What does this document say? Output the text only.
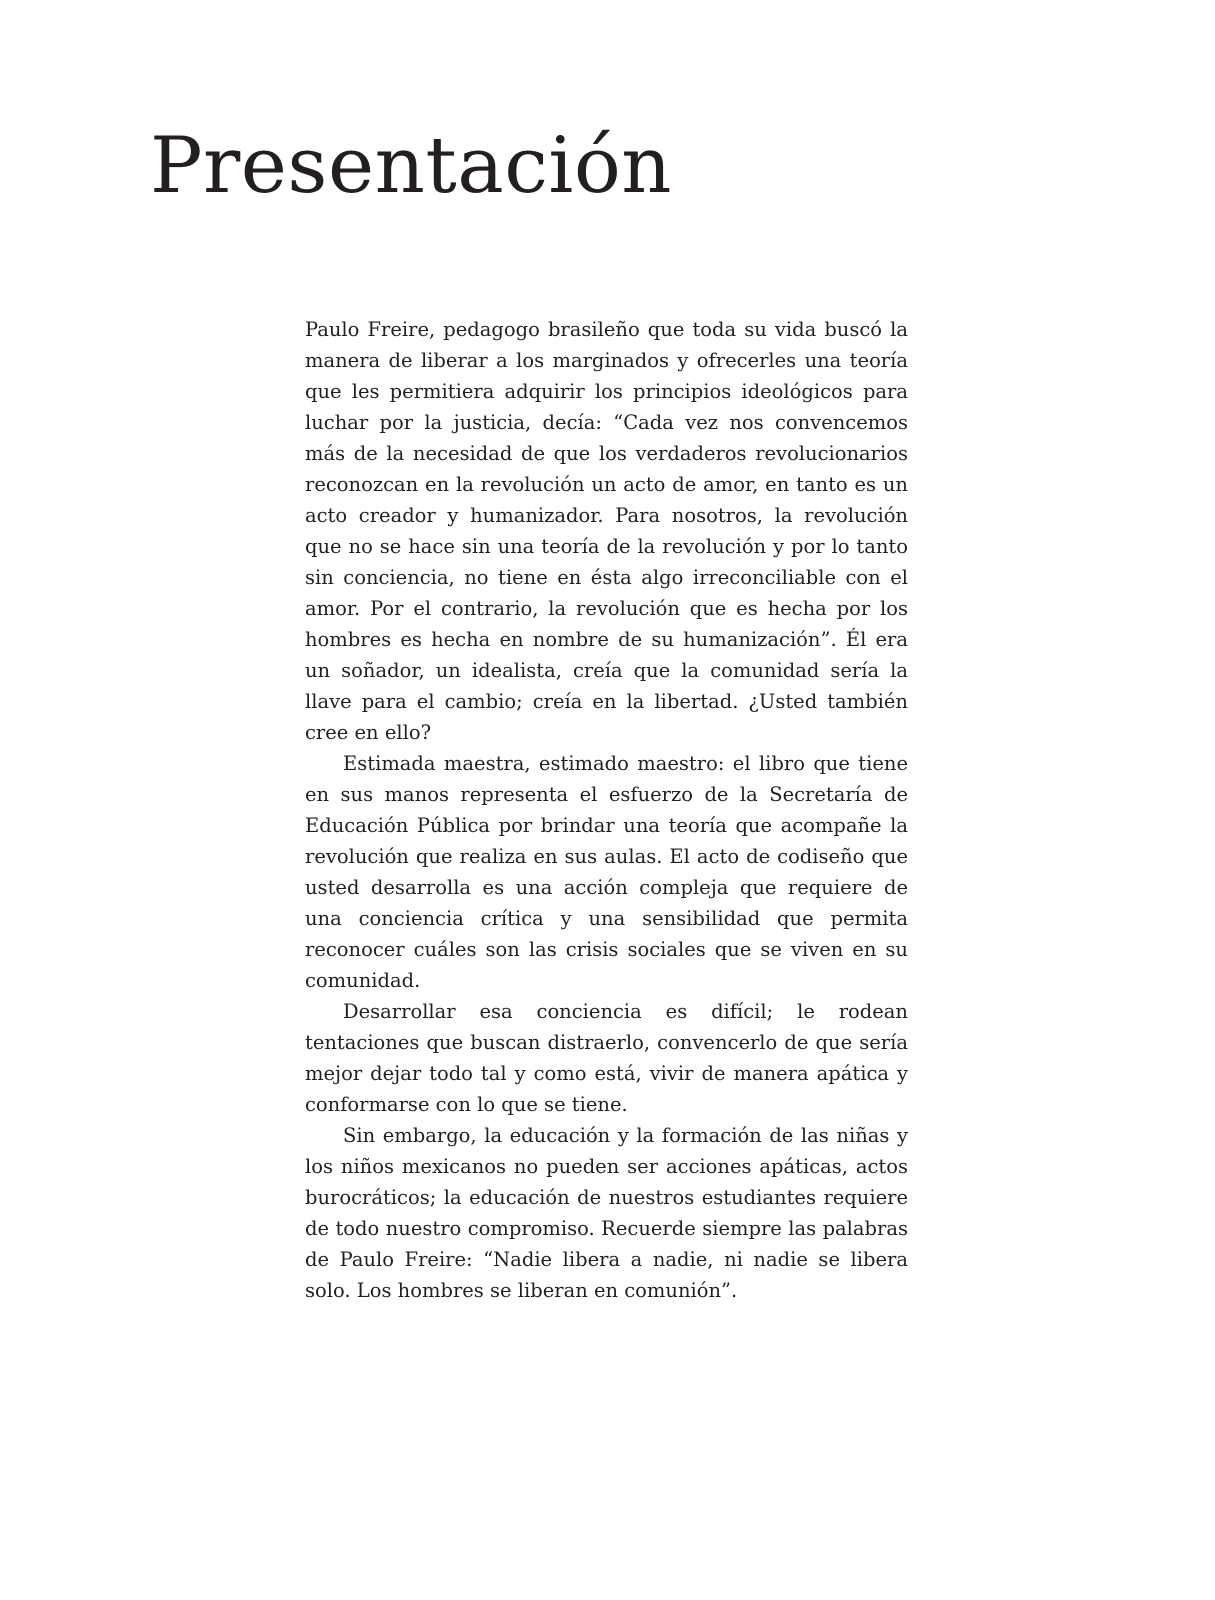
Presentación

Paulo Freire, pedagogo brasileño que toda su vida buscó la manera de liberar a los marginados y ofrecerles una teoría que les permitiera adquirir los principios ideológicos para luchar por la justicia, decía: “Cada vez nos convencemos más de la necesidad de que los verdaderos revolucionarios reconozcan en la revolución un acto de amor, en tanto es un acto creador y humanizador. Para nosotros, la revolución que no se hace sin una teoría de la revolución y por lo tanto sin conciencia, no tiene en ésta algo irreconciliable con el amor. Por el contrario, la revolución que es hecha por los hombres es hecha en nombre de su humanización”. Él era un soñador, un idealista, creía que la comunidad sería la llave para el cambio; creía en la libertad. ¿Usted también cree en ello?

Estimada maestra, estimado maestro: el libro que tiene en sus manos representa el esfuerzo de la Secretaría de Educación Pública por brindar una teoría que acompañe la revolución que realiza en sus aulas. El acto de codiseño que usted desarrolla es una acción compleja que requiere de una conciencia crítica y una sensibilidad que permita reconocer cuáles son las crisis sociales que se viven en su comunidad.

Desarrollar esa conciencia es difícil; le rodean tentaciones que buscan distraerlo, convencerlo de que sería mejor dejar todo tal y como está, vivir de manera apática y conformarse con lo que se tiene.

Sin embargo, la educación y la formación de las niñas y los niños mexicanos no pueden ser acciones apáticas, actos burocráticos; la educación de nuestros estudiantes requiere de todo nuestro compromiso. Recuerde siempre las palabras de Paulo Freire: “Nadie libera a nadie, ni nadie se libera solo. Los hombres se liberan en comunión”.
